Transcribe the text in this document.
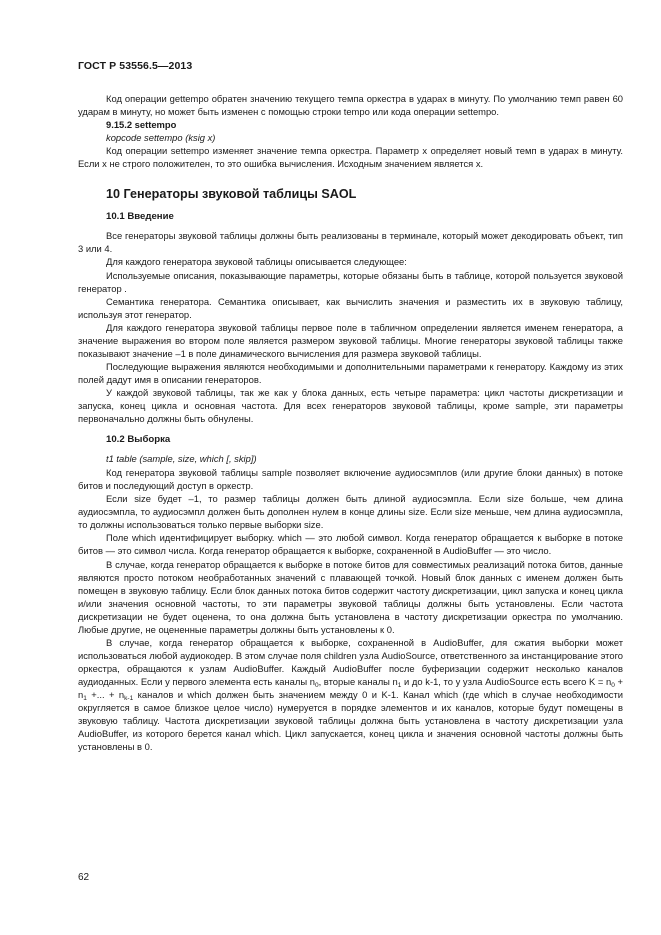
ГОСТ Р 53556.5—2013

Код операции gettempo обратен значению текущего темпа оркестра в ударах в минуту. По умолчанию темп равен 60 ударам в минуту, но может быть изменен с помощью строки tempo или кода операции settempo.

9.15.2 settempo
kopcode settempo (ksig x)

Код операции settempo изменяет значение темпа оркестра. Параметр x определяет новый темп в ударах в минуту. Если x не строго положителен, то это ошибка вычисления. Исходным значением является x.

10 Генераторы звуковой таблицы SAOL
10.1 Введение

Все генераторы звуковой таблицы должны быть реализованы в терминале, который может декодировать объект, тип 3 или 4.

Для каждого генератора звуковой таблицы описывается следующее:

Используемые описания, показывающие параметры, которые обязаны быть в таблице, которой пользуется звуковой генератор .

Семантика генератора. Семантика описывает, как вычислить значения и разместить их в звуковую таблицу, используя этот генератор.

Для каждого генератора звуковой таблицы первое поле в табличном определении является именем генератора, а значение выражения во втором поле является размером звуковой таблицы. Многие генераторы звуковой таблицы также показывают значение –1 в поле динамического вычисления для размера звуковой таблицы.

Последующие выражения являются необходимыми и дополнительными параметрами к генератору. Каждому из этих полей дадут имя в описании генераторов.

У каждой звуковой таблицы, так же как у блока данных, есть четыре параметра: цикл частоты дискретизации и запуска, конец цикла и основная частота. Для всех генераторов звуковой таблицы, кроме sample, эти параметры первоначально должны быть обнулены.

10.2 Выборка
t1 table (sample, size, which [, skip])

Код генератора звуковой таблицы sample позволяет включение аудиосэмплов (или другие блоки данных) в потоке битов и последующий доступ в оркестр.

Если size будет –1, то размер таблицы должен быть длиной аудиосэмпла. Если size больше, чем длина аудиосэмпла, то аудиосэмпл должен быть дополнен нулем в конце длины size. Если size меньше, чем длина аудиосэмпла, то должны использоваться только первые выборки size.

Поле which идентифицирует выборку. which — это любой символ. Когда генератор обращается к выборке в потоке битов — это символ числа. Когда генератор обращается к выборке, сохраненной в AudioBuffer — это число.

В случае, когда генератор обращается к выборке в потоке битов для совместимых реализаций потока битов, данные являются просто потоком необработанных значений с плавающей точкой. Новый блок данных с именем должен быть помещен в звуковую таблицу. Если блок данных потока битов содержит частоту дискретизации, цикл запуска и конец цикла и/или значения основной частоты, то эти параметры звуковой таблицы должны быть установлены. Если частота дискретизации не будет оценена, то она должна быть установлена в частоту дискретизации оркестра по умолчанию. Любые другие, не оцененные параметры должны быть установлены к 0.

В случае, когда генератор обращается к выборке, сохраненной в AudioBuffer, для сжатия выборки может использоваться любой аудиокодер. В этом случае поля children узла AudioSource, ответственного за инстанцирование этого оркестра, обращаются к узлам AudioBuffer. Каждый AudioBuffer после буферизации содержит несколько каналов аудиоданных. Если у первого элемента есть каналы $n_0$, вторые каналы $n_1$ и до k-1, то у узла AudioSource есть всего $K = n_0 + n_1$ +... + $n_{k-1}$ каналов и which должен быть значением между 0 и K-1. Канал which (где which в случае необходимости округляется в самое близкое целое число) нумеруется в порядке элементов и их каналов, которые будут помещены в звуковую таблицу. Частота дискретизации звуковой таблицы должна быть установлена в частоту дискретизации узла AudioBuffer, из которого берется канал which. Цикл запускается, конец цикла и значения основной частоты должны быть установлены в 0.

62
